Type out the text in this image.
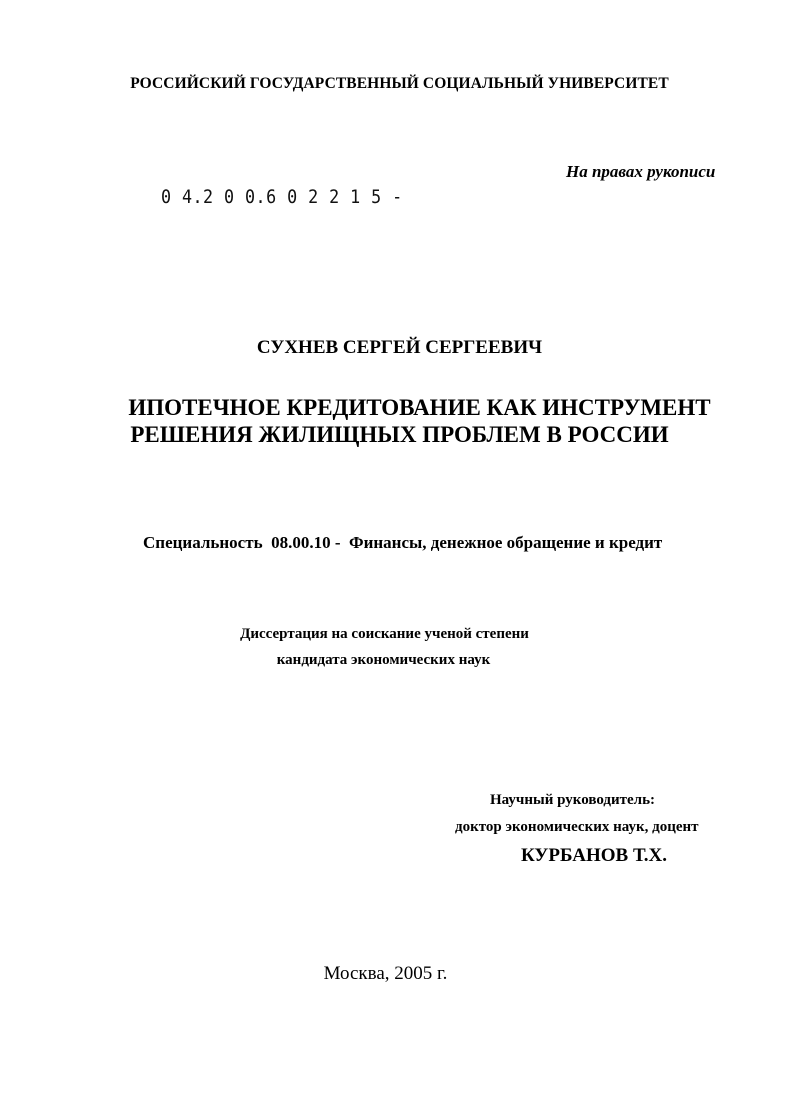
РОССИЙСКИЙ ГОСУДАРСТВЕННЫЙ СОЦИАЛЬНЫЙ УНИВЕРСИТЕТ
На правах рукописи
0 4.2 0 0.6 0 2 2 1 5 -
СУХНЕВ СЕРГЕЙ СЕРГЕЕВИЧ
ИПОТЕЧНОЕ КРЕДИТОВАНИЕ КАК ИНСТРУМЕНТ
РЕШЕНИЯ ЖИЛИЩНЫХ ПРОБЛЕМ В РОССИИ
Специальность  08.00.10 -  Финансы, денежное обращение и кредит
Диссертация на соискание ученой степени
кандидата экономических наук
Научный руководитель:
доктор экономических наук, доцент
КУРБАНОВ Т.Х.
Москва, 2005 г.
